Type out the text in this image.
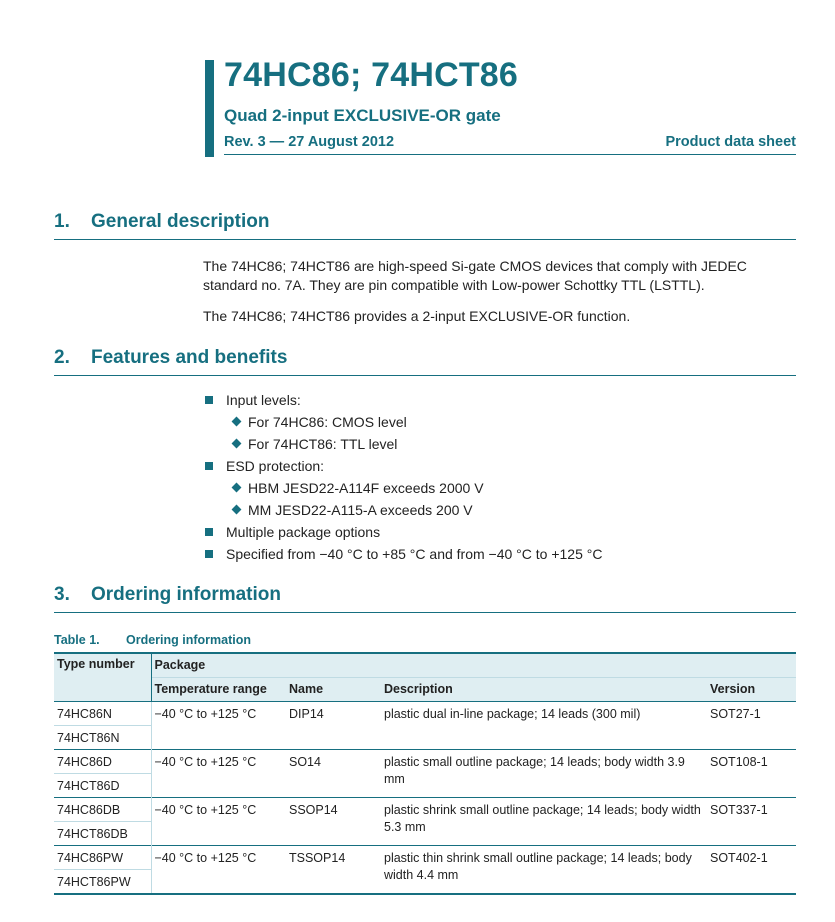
74HC86; 74HCT86
Quad 2-input EXCLUSIVE-OR gate
Rev. 3 — 27 August 2012	Product data sheet
1. General description
The 74HC86; 74HCT86 are high-speed Si-gate CMOS devices that comply with JEDEC
standard no. 7A. They are pin compatible with Low-power Schottky TTL (LSTTL).
The 74HC86; 74HCT86 provides a 2-input EXCLUSIVE-OR function.
2. Features and benefits
Input levels:
For 74HC86: CMOS level
For 74HCT86: TTL level
ESD protection:
HBM JESD22-A114F exceeds 2000 V
MM JESD22-A115-A exceeds 200 V
Multiple package options
Specified from −40 °C to +85 °C and from −40 °C to +125 °C
3. Ordering information
Table 1. Ordering information
Type number	Package			
	Temperature range	Name	Description	Version
74HC86N	−40 °C to +125 °C	DIP14	plastic dual in-line package; 14 leads (300 mil)	SOT27-1
74HCT86N				
74HC86D	−40 °C to +125 °C	SO14	plastic small outline package; 14 leads; body width 3.9 mm	SOT108-1
74HCT86D				
74HC86DB	−40 °C to +125 °C	SSOP14	plastic shrink small outline package; 14 leads; body width 5.3 mm	SOT337-1
74HCT86DB				
74HC86PW	−40 °C to +125 °C	TSSOP14	plastic thin shrink small outline package; 14 leads; body width 4.4 mm	SOT402-1
74HCT86PW				
